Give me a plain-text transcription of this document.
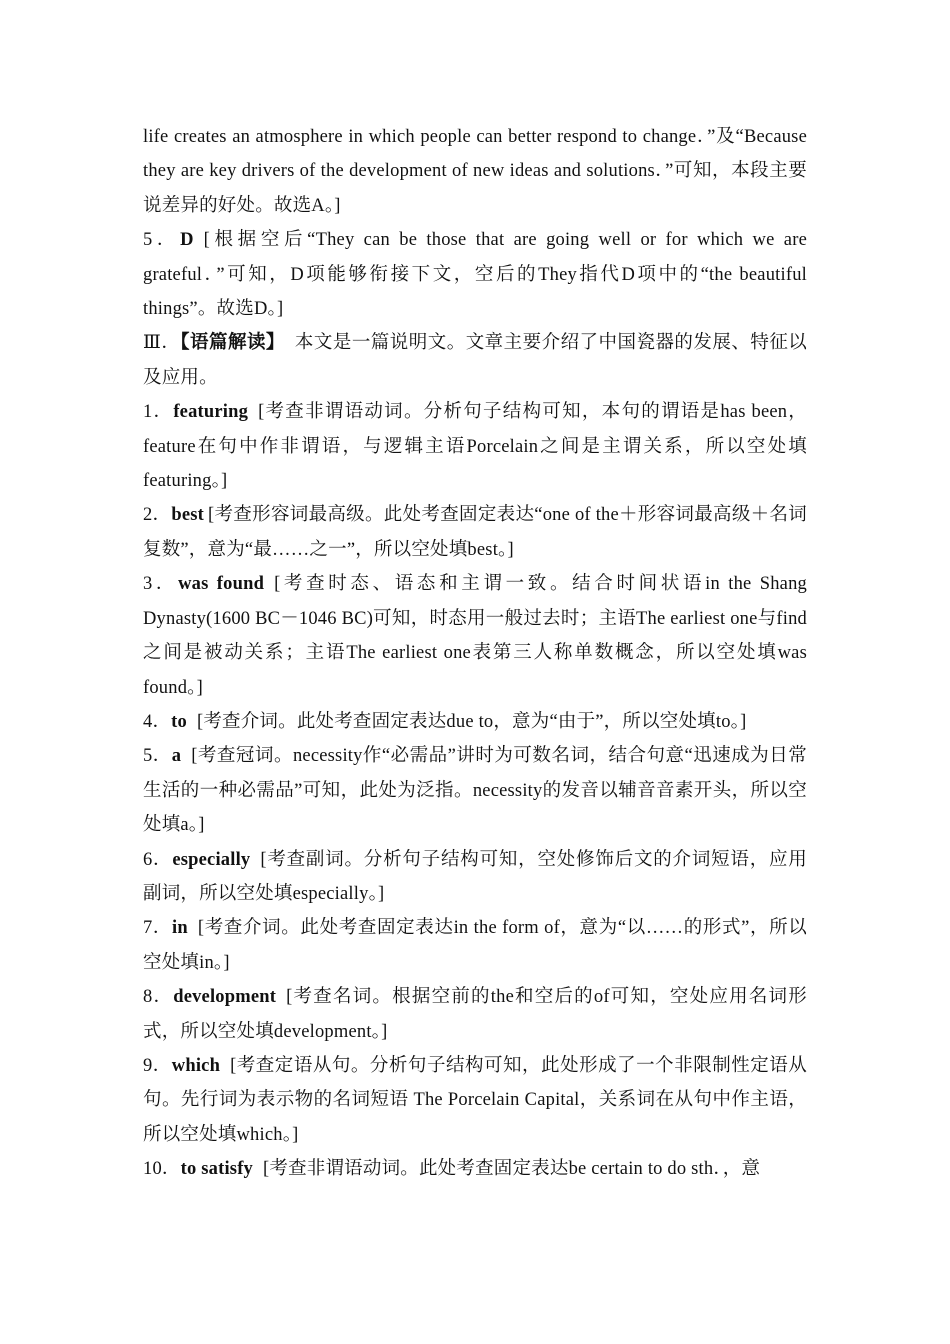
life creates an atmosphere in which people can better respond to change．”及“Because they are key drivers of the development of new ideas and solutions．”可知，本段主要说差异的好处。故选A。]

5．D [根据空后“They can be those that are going well or for which we are grateful．”可知，D项能够衔接下文，空后的They指代D项中的“the beautiful things”。故选D。]

Ⅲ．【语篇解读】 本文是一篇说明文。文章主要介绍了中国瓷器的发展、特征以及应用。

1．featuring [考查非谓语动词。分析句子结构可知，本句的谓语是has been，feature在句中作非谓语，与逻辑主语Porcelain之间是主谓关系，所以空处填featuring。]

2．best [考查形容词最高级。此处考查固定表达“one of the＋形容词最高级＋名词复数”，意为“最……之一”，所以空处填best。]

3．was found [考查时态、语态和主谓一致。结合时间状语in the Shang Dynasty(1600 BC－1046 BC)可知，时态用一般过去时；主语The earliest one与find之间是被动关系；主语The earliest one表第三人称单数概念，所以空处填was found。]

4．to [考查介词。此处考查固定表达due to，意为“由于”，所以空处填to。]

5．a [考查冠词。necessity作“必需品”讲时为可数名词，结合句意“迅速成为日常生活的一种必需品”可知，此处为泛指。necessity的发音以辅音音素开头，所以空处填a。]

6．especially [考查副词。分析句子结构可知，空处修饰后文的介词短语，应用副词，所以空处填especially。]

7．in [考查介词。此处考查固定表达in the form of，意为“以……的形式”，所以空处填in。]

8．development [考查名词。根据空前的the和空后的of可知，空处应用名词形式，所以空处填development。]

9．which [考查定语从句。分析句子结构可知，此处形成了一个非限制性定语从句。先行词为表示物的名词短语 The Porcelain Capital，关系词在从句中作主语，所以空处填which。]

10．to satisfy [考查非谓语动词。此处考查固定表达be certain to do sth．，意
